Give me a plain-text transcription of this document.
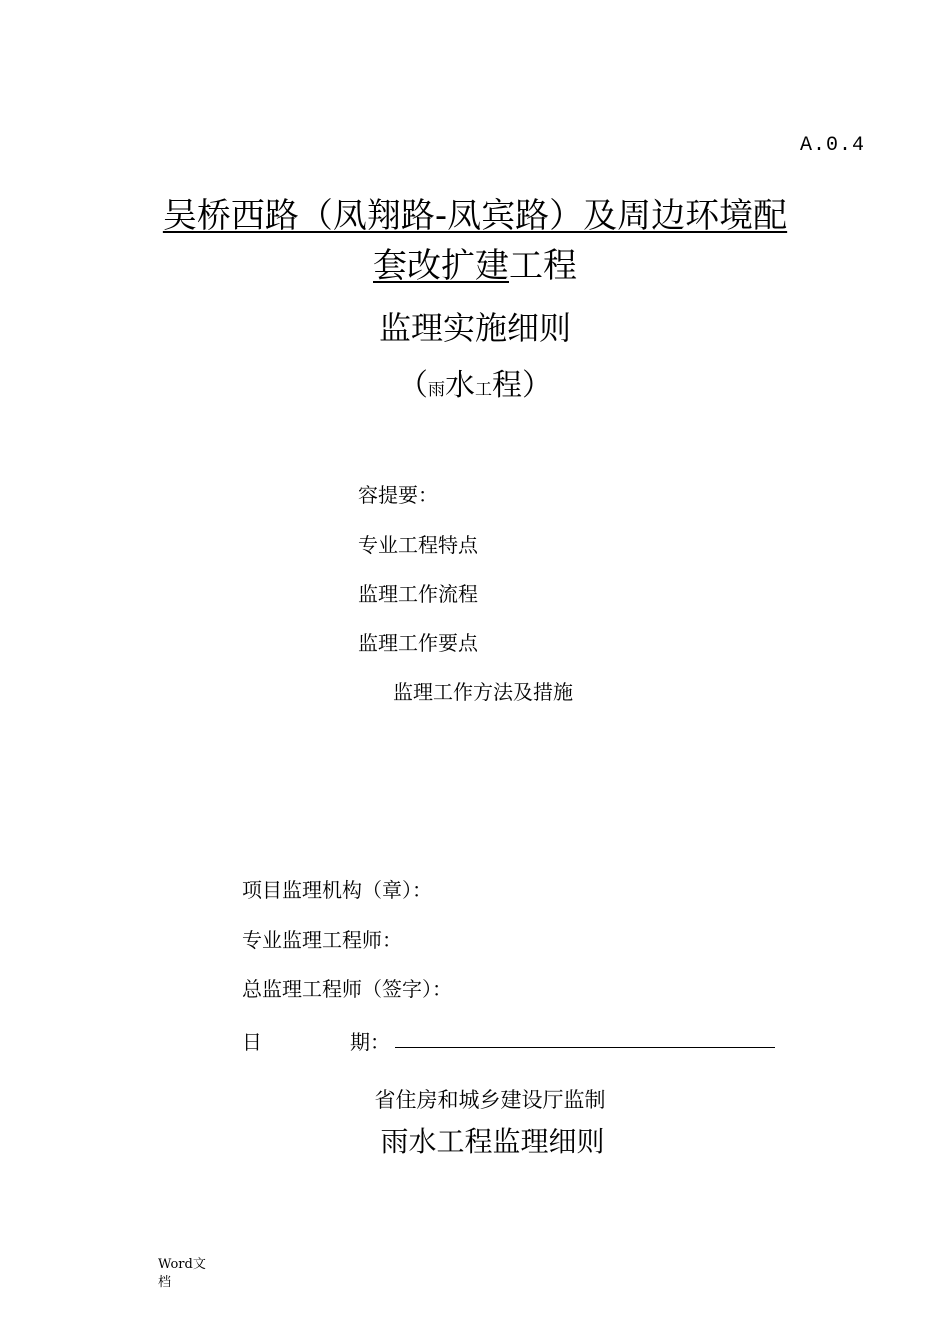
A.0.4
吴桥西路（凤翔路-凤宾路）及周边环境配
套改扩建工程
监理实施细则
（雨水工程）
容提要：
专业工程特点
监理工作流程
监理工作要点
监理工作方法及措施
项目监理机构（章）：
专业监理工程师：
总监理工程师（签字）：
日	期：
省住房和城乡建设厅监制
雨水工程监理细则
Word文档
